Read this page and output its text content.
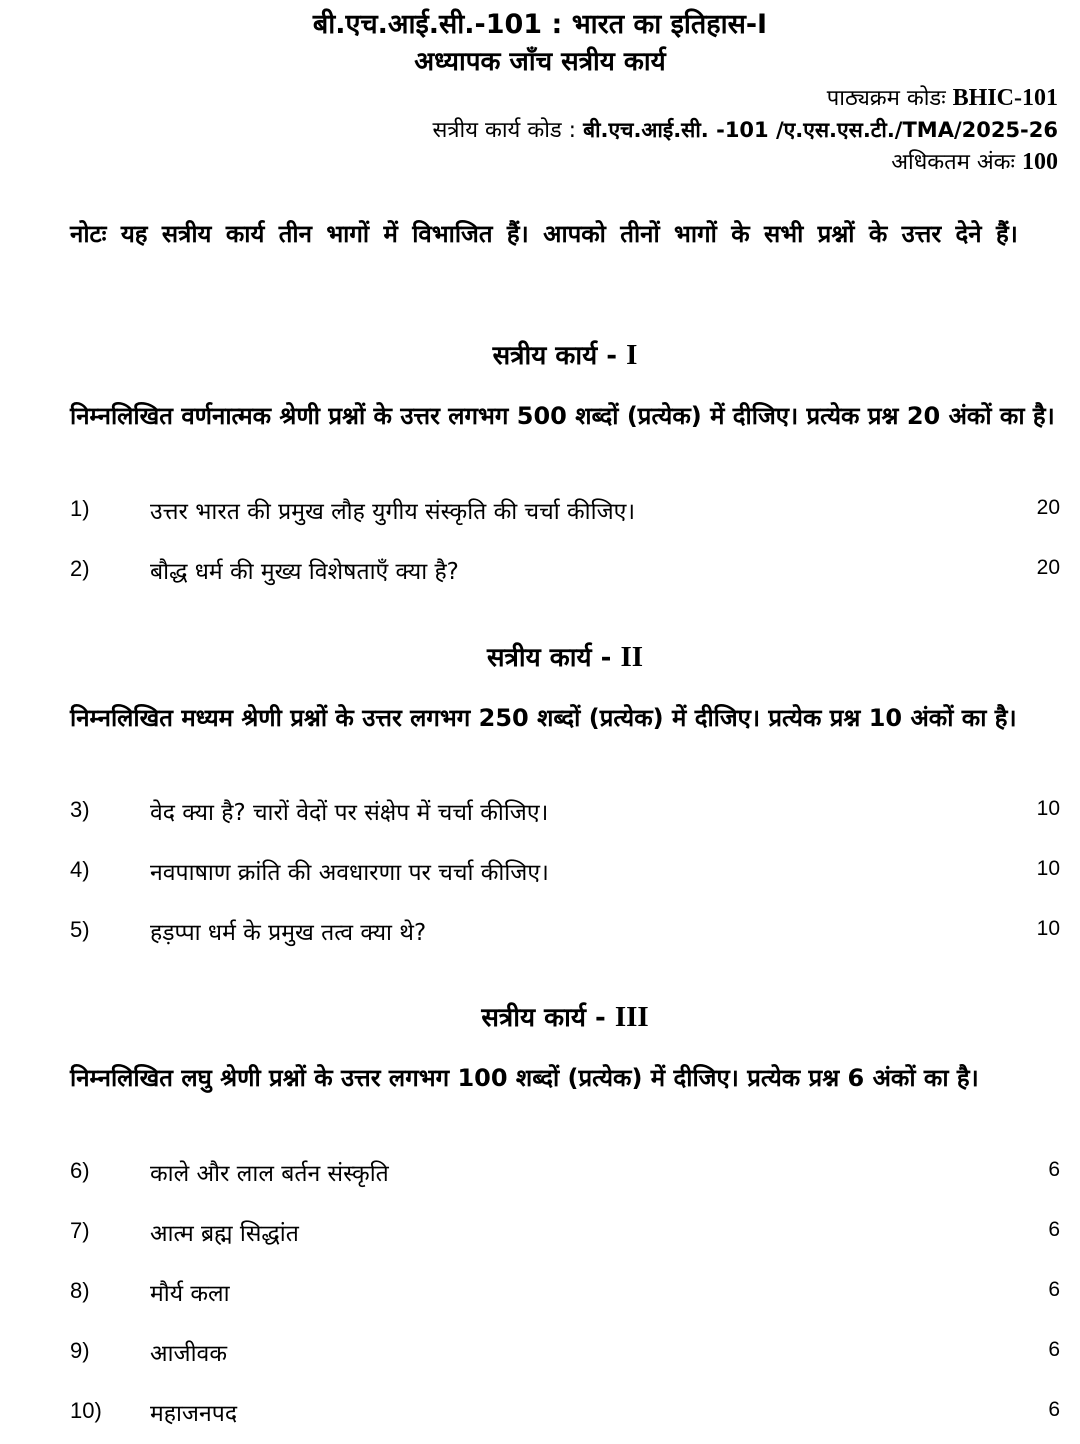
बी.एच.आई.सी.-101 : भारत का इतिहास-I
अध्यापक जाँच सत्रीय कार्य
पाठ्यक्रम कोडः BHIC-101
सत्रीय कार्य कोड : बी.एच.आई.सी. -101 /ए.एस.एस.टी./TMA/2025-26
अधिकतम अंकः 100
नोटः यह सत्रीय कार्य तीन भागों में विभाजित हैं। आपको तीनों भागों के सभी प्रश्नों के उत्तर देने हैं।
सत्रीय कार्य - I
निम्नलिखित वर्णनात्मक श्रेणी प्रश्नों के उत्तर लगभग 500 शब्दों (प्रत्येक) में दीजिए। प्रत्येक प्रश्न 20 अंकों का है।
1)	उत्तर भारत की प्रमुख लौह युगीय संस्कृति की चर्चा कीजिए।	20
2)	बौद्ध धर्म की मुख्य विशेषताएँ क्या है?	20
सत्रीय कार्य - II
निम्नलिखित मध्यम श्रेणी प्रश्नों के उत्तर लगभग 250 शब्दों (प्रत्येक) में दीजिए। प्रत्येक प्रश्न 10 अंकों का है।
3)	वेद क्या है? चारों वेदों पर संक्षेप में चर्चा कीजिए।	10
4)	नवपाषाण क्रांति की अवधारणा पर चर्चा कीजिए।	10
5)	हड़प्पा धर्म के प्रमुख तत्व क्या थे?	10
सत्रीय कार्य - III
निम्नलिखित लघु श्रेणी प्रश्नों के उत्तर लगभग 100 शब्दों (प्रत्येक) में दीजिए। प्रत्येक प्रश्न 6 अंकों का है।
6)	काले और लाल बर्तन संस्कृति	6
7)	आत्म ब्रह्म सिद्धांत	6
8)	मौर्य कला	6
9)	आजीवक	6
10) महाजनपद	6
